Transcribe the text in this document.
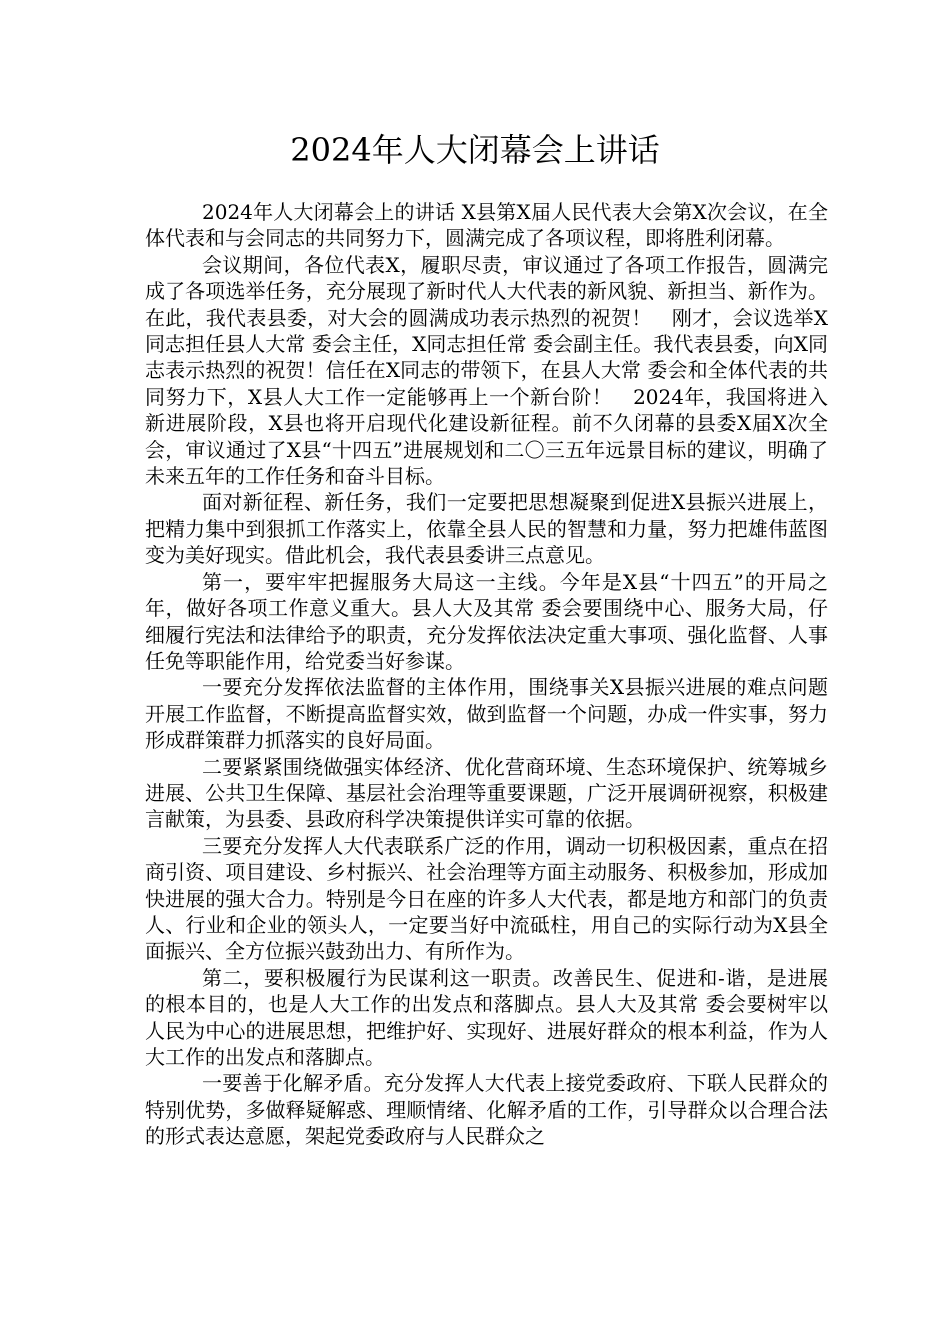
2024年人大闭幕会上讲话

2024年人大闭幕会上的讲话 X县第X届人民代表大会第X次会议，在全体代表和与会同志的共同努力下，圆满完成了各项议程，即将胜利闭幕。

会议期间，各位代表X，履职尽责，审议通过了各项工作报告，圆满完成了各项选举任务，充分展现了新时代人大代表的新风貌、新担当、新作为。在此，我代表县委，对大会的圆满成功表示热烈的祝贺！　刚才，会议选举X同志担任县人大常 委会主任，X同志担任常 委会副主任。我代表县委，向X同志表示热烈的祝贺！信任在X同志的带领下，在县人大常 委会和全体代表的共同努力下，X县人大工作一定能够再上一个新台阶！　2024年，我国将进入新进展阶段，X县也将开启现代化建设新征程。前不久闭幕的县委X届X次全会，审议通过了X县“十四五”进展规划和二〇三五年远景目标的建议，明确了未来五年的工作任务和奋斗目标。

面对新征程、新任务，我们一定要把思想凝聚到促进X县振兴进展上，把精力集中到狠抓工作落实上，依靠全县人民的智慧和力量，努力把雄伟蓝图变为美好现实。借此机会，我代表县委讲三点意见。

第一，要牢牢把握服务大局这一主线。今年是X县“十四五”的开局之年，做好各项工作意义重大。县人大及其常 委会要围绕中心、服务大局，仔细履行宪法和法律给予的职责，充分发挥依法决定重大事项、强化监督、人事任免等职能作用，给党委当好参谋。

一要充分发挥依法监督的主体作用，围绕事关X县振兴进展的难点问题开展工作监督，不断提高监督实效，做到监督一个问题，办成一件实事，努力形成群策群力抓落实的良好局面。

二要紧紧围绕做强实体经济、优化营商环境、生态环境保护、统筹城乡进展、公共卫生保障、基层社会治理等重要课题，广泛开展调研视察，积极建言献策，为县委、县政府科学决策提供详实可靠的依据。

三要充分发挥人大代表联系广泛的作用，调动一切积极因素，重点在招商引资、项目建设、乡村振兴、社会治理等方面主动服务、积极参加，形成加快进展的强大合力。特别是今日在座的许多人大代表，都是地方和部门的负责人、行业和企业的领头人，一定要当好中流砥柱，用自己的实际行动为X县全面振兴、全方位振兴鼓劲出力、有所作为。

第二，要积极履行为民谋利这一职责。改善民生、促进和-谐，是进展的根本目的，也是人大工作的出发点和落脚点。县人大及其常 委会要树牢以人民为中心的进展思想，把维护好、实现好、进展好群众的根本利益，作为人大工作的出发点和落脚点。

一要善于化解矛盾。充分发挥人大代表上接党委政府、下联人民群众的特别优势，多做释疑解惑、理顺情绪、化解矛盾的工作，引导群众以合理合法的形式表达意愿，架起党委政府与人民群众之
